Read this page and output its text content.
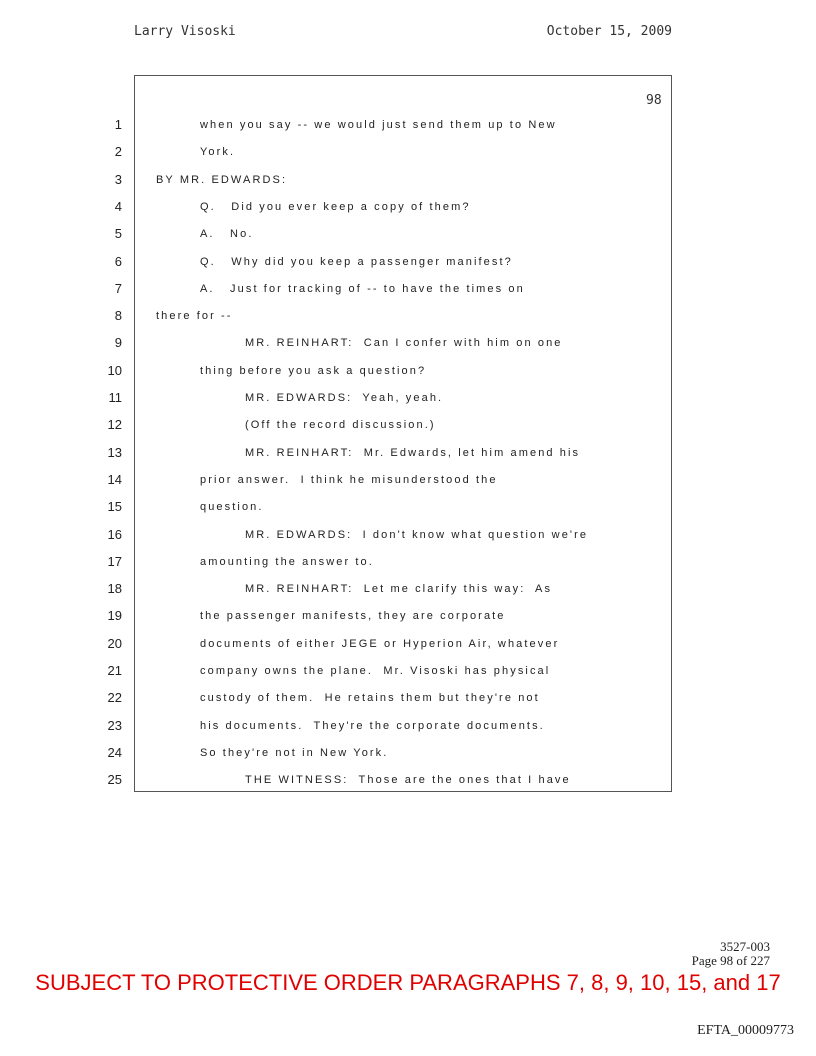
Larry Visoski	October 15, 2009
98
1	when you say -- we would just send them up to New
2	York.
3	BY MR. EDWARDS:
4	Q.   Did you ever keep a copy of them?
5	A.   No.
6	Q.   Why did you keep a passenger manifest?
7	A.   Just for tracking of -- to have the times on
8	there for --
9	MR. REINHART:  Can I confer with him on one
10	thing before you ask a question?
11	MR. EDWARDS:  Yeah, yeah.
12	(Off the record discussion.)
13	MR. REINHART:  Mr. Edwards, let him amend his
14	prior answer.  I think he misunderstood the
15	question.
16	MR. EDWARDS:  I don't know what question we're
17	amounting the answer to.
18	MR. REINHART:  Let me clarify this way:  As
19	the passenger manifests, they are corporate
20	documents of either JEGE or Hyperion Air, whatever
21	company owns the plane.  Mr. Visoski has physical
22	custody of them.  He retains them but they're not
23	his documents.  They're the corporate documents.
24	So they're not in New York.
25	THE WITNESS:  Those are the ones that I have
3527-003
Page 98 of 227
SUBJECT TO PROTECTIVE ORDER PARAGRAPHS 7, 8, 9, 10, 15, and 17
EFTA_00009773
